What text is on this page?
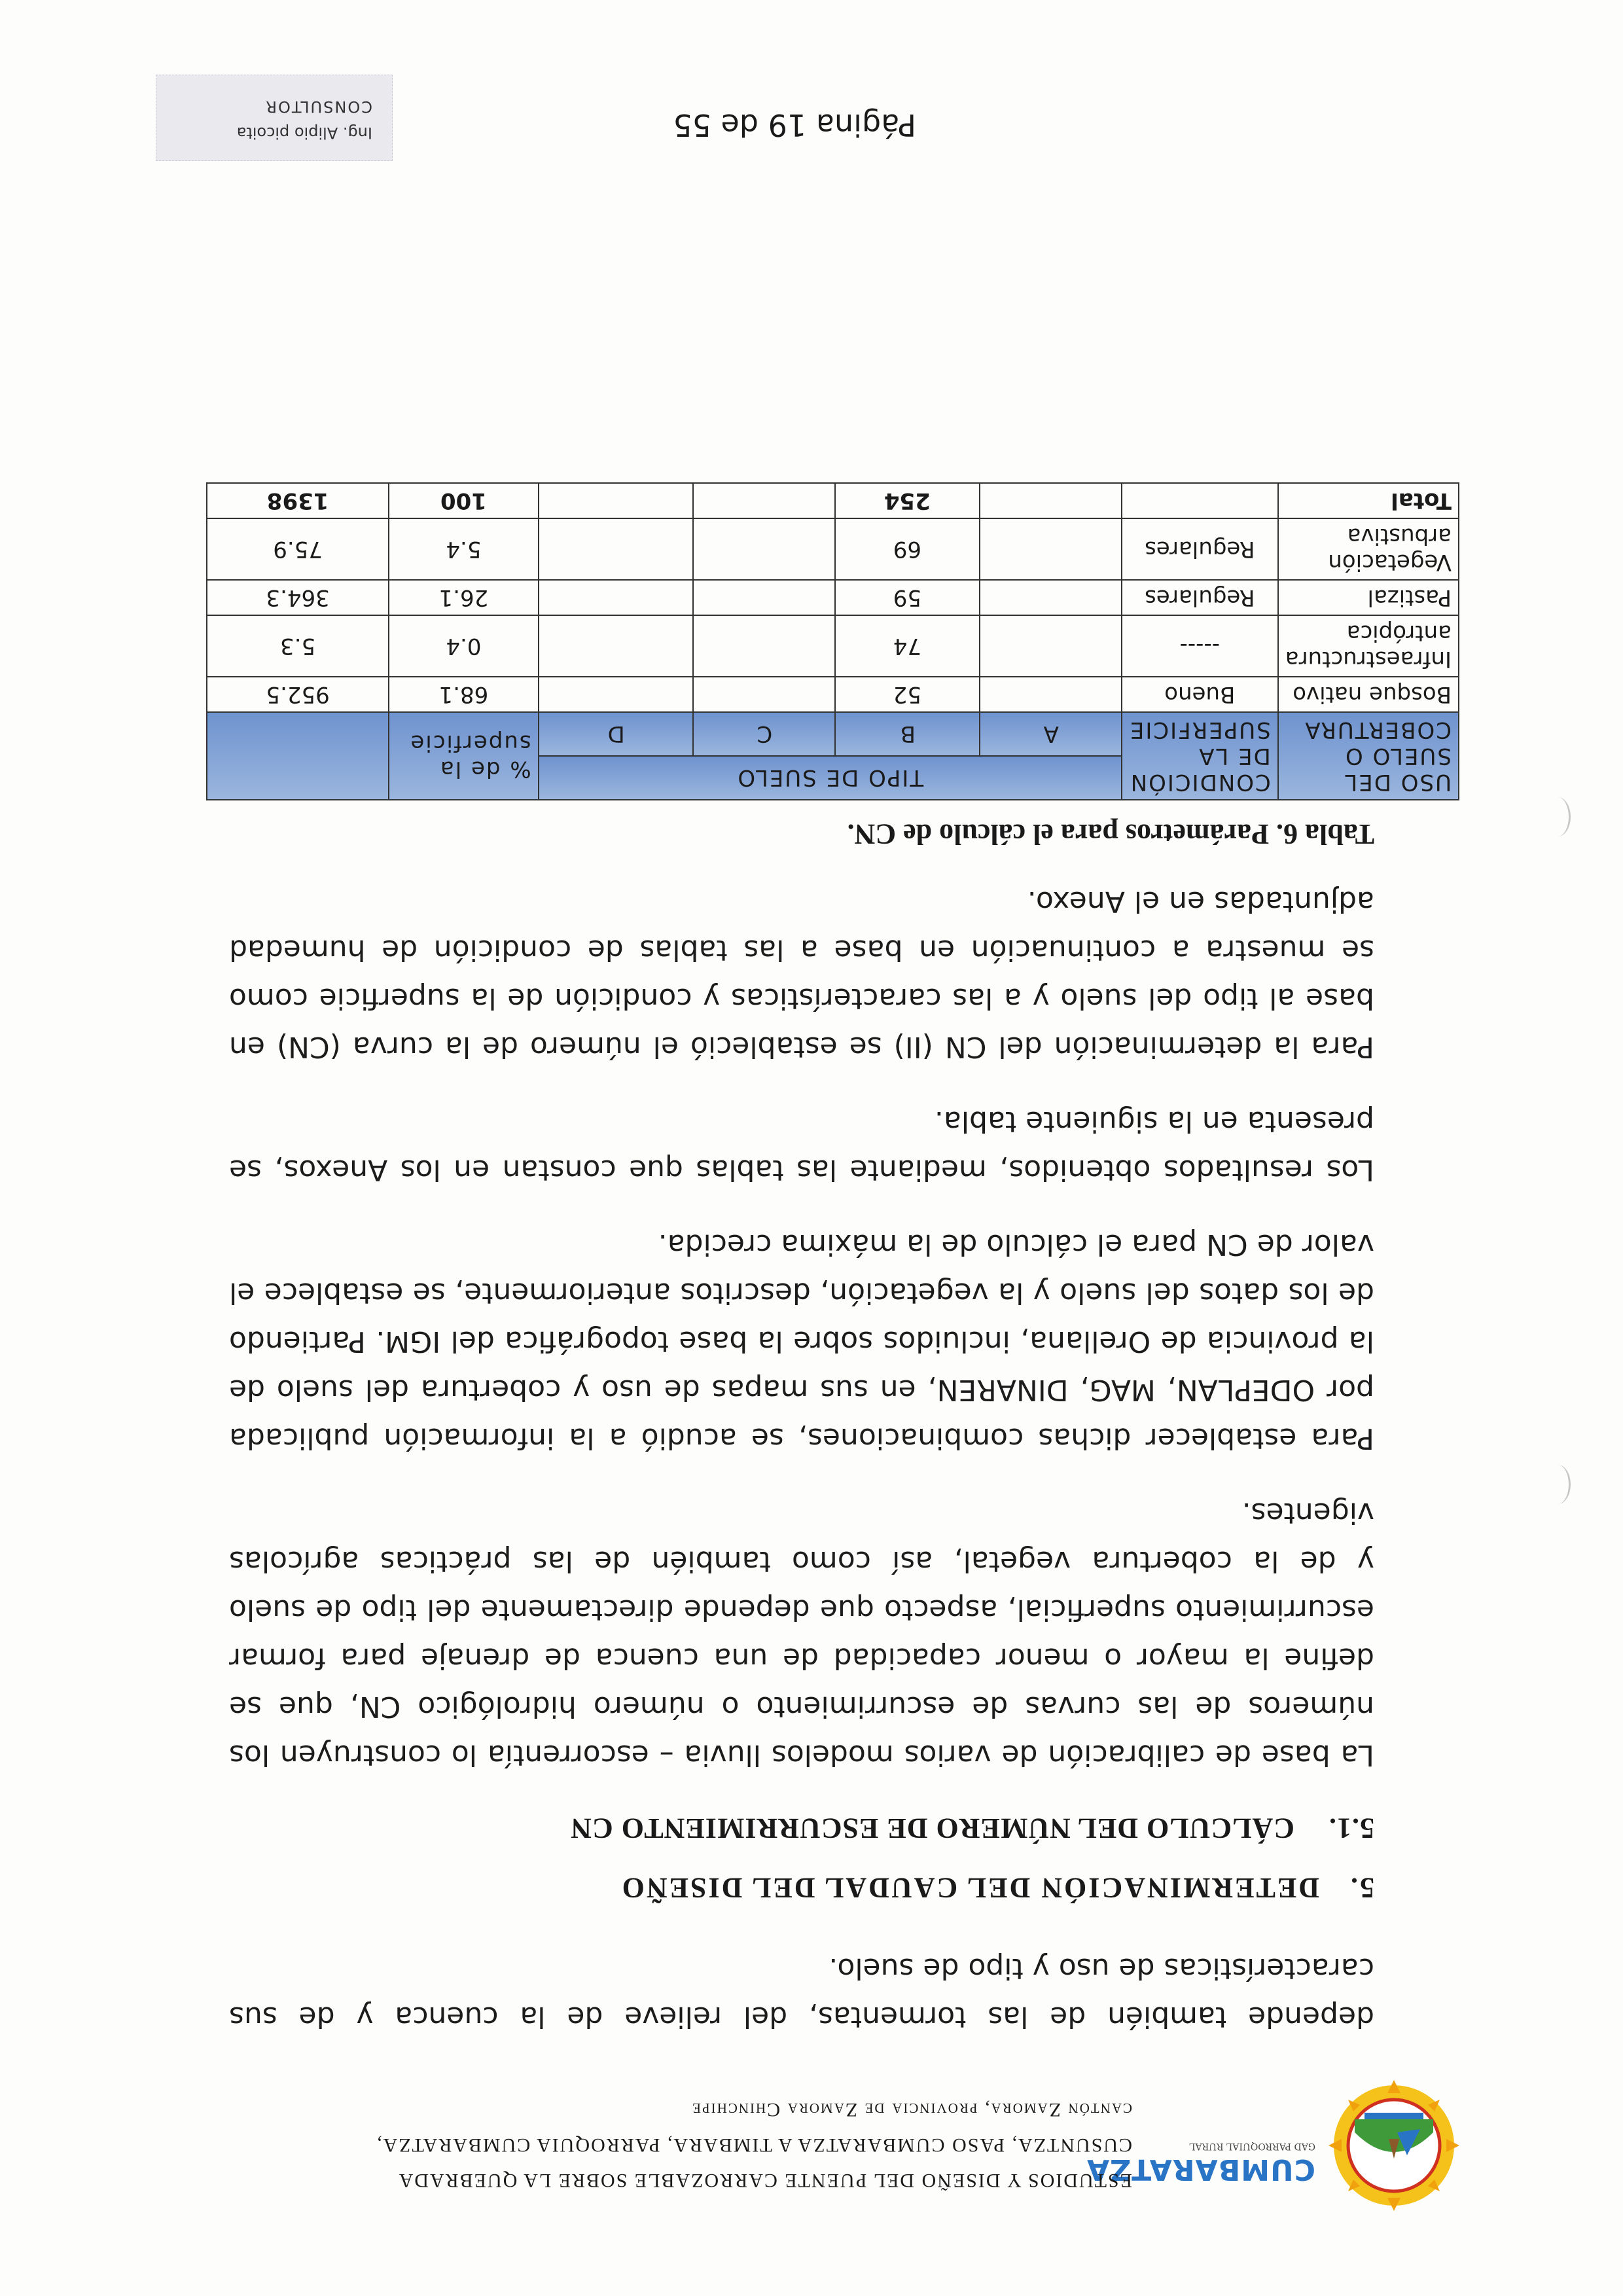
CUMBARATZA
GAD PARROQUIAL RURAL
ESTUDIOS Y DISEÑO DEL PUENTE CARROZABLE SOBRE LA QUEBRADA
CUSUNTZA, PASO CUMBARATZA A TIMBARA, PARROQUIA CUMBARATZA,
cantón Zamora, provincia de Zamora Chinchipe

depende también de las tormentas, del relieve de la cuenca y de sus características de uso y tipo de suelo.

5. DETERMINACIÓN DEL CAUDAL DEL DISEÑO
5.1. CÁLCULO DEL NÚMERO DE ESCURRIMIENTO CN

La base de calibración de varios modelos lluvia – escorrentía lo construyen los números de las curvas de escurrimiento o número hidrológico CN, que se define la mayor o menor capacidad de una cuenca de drenaje para formar escurrimiento superficial, aspecto que depende directamente del tipo de suelo y de la cobertura vegetal, así como también de las prácticas agrícolas vigentes.

Para establecer dichas combinaciones, se acudió a la información publicada por ODEPLAN, MAG, DINAREN, en sus mapas de uso y cobertura del suelo de la provincia de Orellana, incluidos sobre la base topográfica del IGM. Partiendo de los datos del suelo y la vegetación, descritos anteriormente, se establece el valor de CN para el cálculo de la máxima crecida.

Los resultados obtenidos, mediante las tablas que constan en los Anexos, se presenta en la siguiente tabla.

Para la determinación del CN (II) se estableció el número de la curva (CN) en base al tipo del suelo y a las características y condición de la superficie como se muestra a continuación en base a las tablas de condición de humedad adjuntadas en el Anexo.

Tabla 6. Parámetros para el cálculo de CN.
USO DEL SUELO O COBERTURA	CONDICIÓN DE LA SUPERFICIE	TIPO DE SUELO				% de la superficie	
		A	B	C	D		
Bosque nativo	Bueno		52			68.1	952.5
Infraestructura antrópica	-----		74			0.4	5.3
Pastizal	Regulares		59			26.1	364.3
Vegetación arbustiva	Regulares		69			5.4	75.9
Total			254			100	1398
Página 19 de 55
Ing. Alipio picoita
CONSULTOR
